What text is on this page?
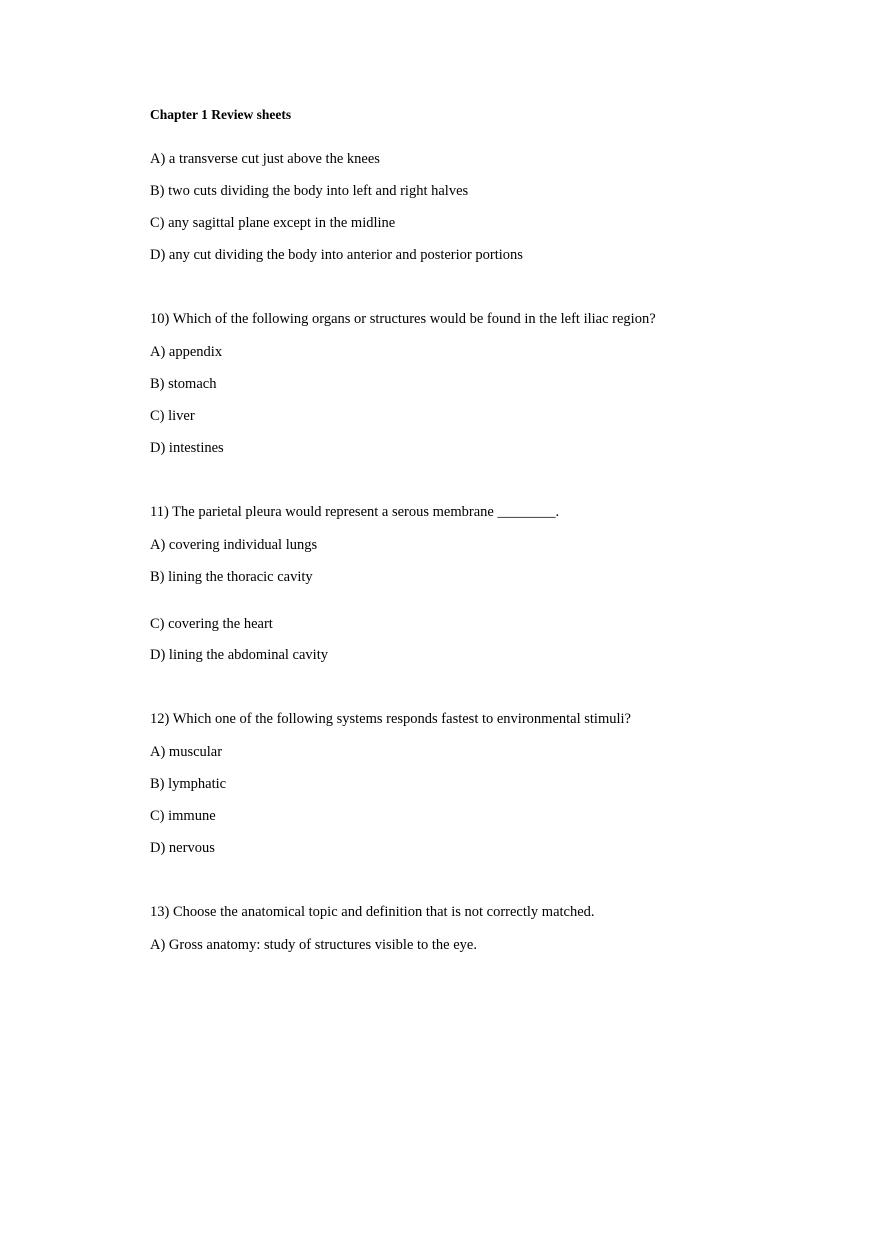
Chapter 1 Review sheets
A) a transverse cut just above the knees
B) two cuts dividing the body into left and right halves
C) any sagittal plane except in the midline
D) any cut dividing the body into anterior and posterior portions
10) Which of the following organs or structures would be found in the left iliac region?
A) appendix
B) stomach
C) liver
D) intestines
11) The parietal pleura would represent a serous membrane ________.
A) covering individual lungs
B) lining the thoracic cavity
C) covering the heart
D) lining the abdominal cavity
12) Which one of the following systems responds fastest to environmental stimuli?
A) muscular
B) lymphatic
C) immune
D) nervous
13) Choose the anatomical topic and definition that is not correctly matched.
A) Gross anatomy: study of structures visible to the eye.
